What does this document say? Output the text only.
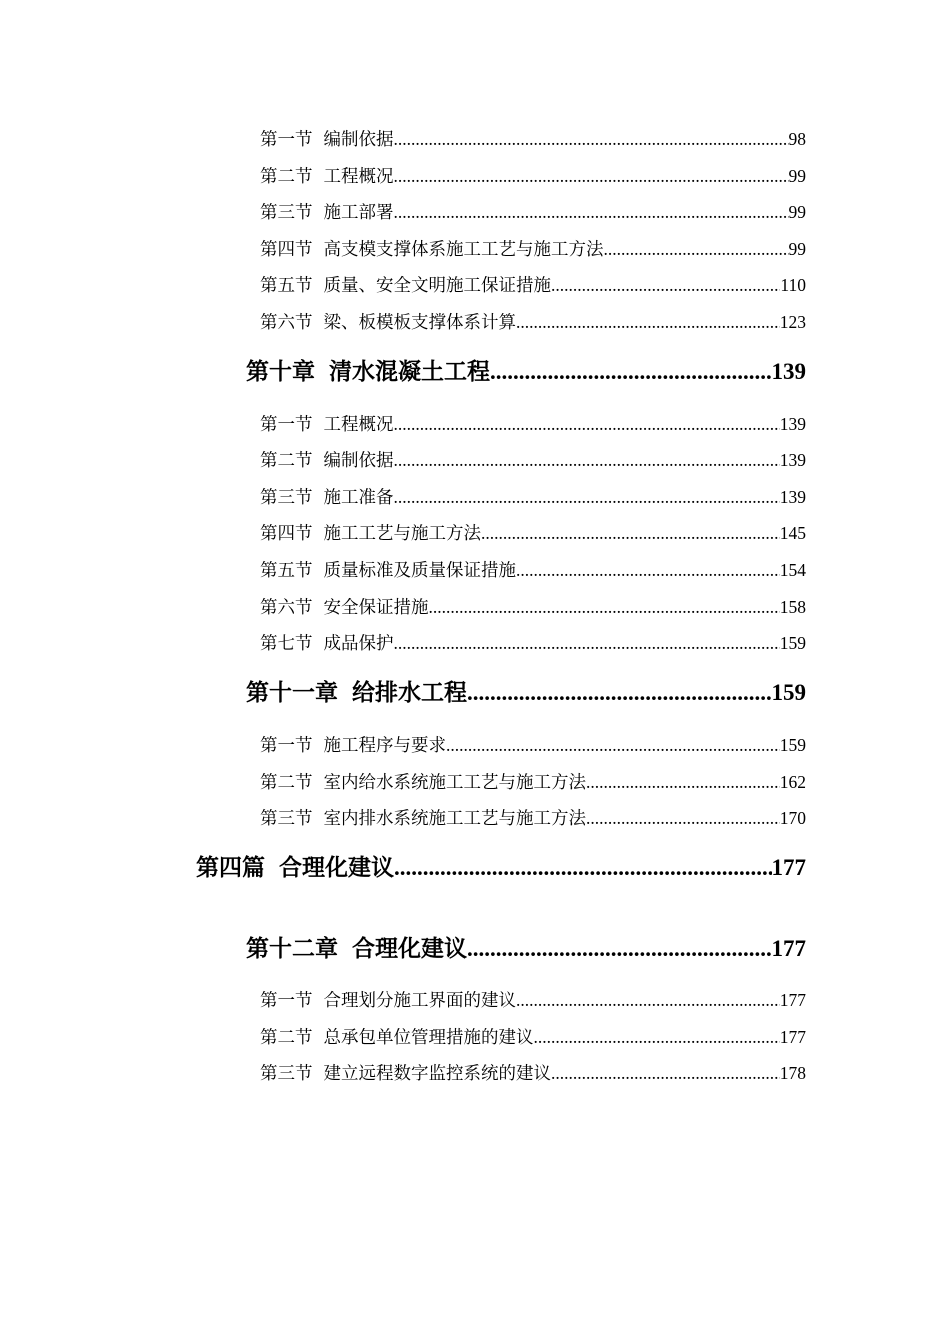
第一节 编制依据 .....	98
第二节 工程概况 .....	99
第三节 施工部署 .....	99
第四节 高支模支撑体系施工工艺与施工方法 .....	99
第五节 质量、安全文明施工保证措施 .....	110
第六节 梁、板模板支撑体系计算 .....	123
第十章 清水混凝土工程 .....	139
第一节 工程概况 .....	139
第二节 编制依据 .....	139
第三节 施工准备 .....	139
第四节 施工工艺与施工方法 .....	145
第五节 质量标准及质量保证措施 .....	154
第六节 安全保证措施 .....	158
第七节 成品保护 .....	159
第十一章 给排水工程 .....	159
第一节 施工程序与要求 .....	159
第二节 室内给水系统施工工艺与施工方法 .....	162
第三节 室内排水系统施工工艺与施工方法 .....	170
第四篇 合理化建议 .....	177
第十二章 合理化建议 .....	177
第一节 合理划分施工界面的建议 .....	177
第二节 总承包单位管理措施的建议 .....	177
第三节 建立远程数字监控系统的建议 .....	178
